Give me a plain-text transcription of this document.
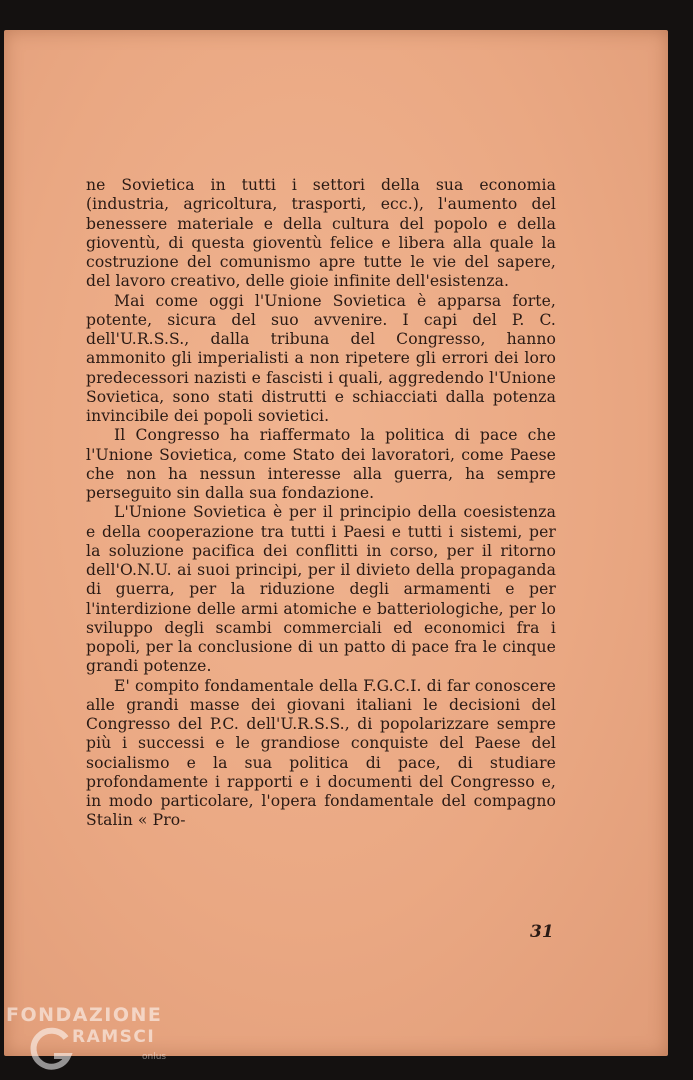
ne Sovietica in tutti i settori della sua economia (industria, agricoltura, trasporti, ecc.), l'aumento del benessere materiale e della cultura del popolo e della gioventù, di questa gioventù felice e libera alla quale la costruzione del comunismo apre tutte le vie del sapere, del lavoro creativo, delle gioie infinite dell'esistenza.

Mai come oggi l'Unione Sovietica è apparsa forte, potente, sicura del suo avvenire. I capi del P. C. dell'U.R.S.S., dalla tribuna del Congresso, hanno ammonito gli imperialisti a non ripetere gli errori dei loro predecessori nazisti e fascisti i quali, aggredendo l'Unione Sovietica, sono stati distrutti e schiacciati dalla potenza invincibile dei popoli sovietici.

Il Congresso ha riaffermato la politica di pace che l'Unione Sovietica, come Stato dei lavoratori, come Paese che non ha nessun interesse alla guerra, ha sempre perseguito sin dalla sua fondazione.

L'Unione Sovietica è per il principio della coesistenza e della cooperazione tra tutti i Paesi e tutti i sistemi, per la soluzione pacifica dei conflitti in corso, per il ritorno dell'O.N.U. ai suoi principi, per il divieto della propaganda di guerra, per la riduzione degli armamenti e per l'interdizione delle armi atomiche e batteriologiche, per lo sviluppo degli scambi commerciali ed economici fra i popoli, per la conclusione di un patto di pace fra le cinque grandi potenze.

E' compito fondamentale della F.G.C.I. di far conoscere alle grandi masse dei giovani italiani le decisioni del Congresso del P.C. dell'U.R.S.S., di popolarizzare sempre più i successi e le grandiose conquiste del Paese del socialismo e la sua politica di pace, di studiare profondamente i rapporti e i documenti del Congresso e, in modo particolare, l'opera fondamentale del compagno Stalin « Pro-

31
FONDAZIONE
RAMSCI
onlus
